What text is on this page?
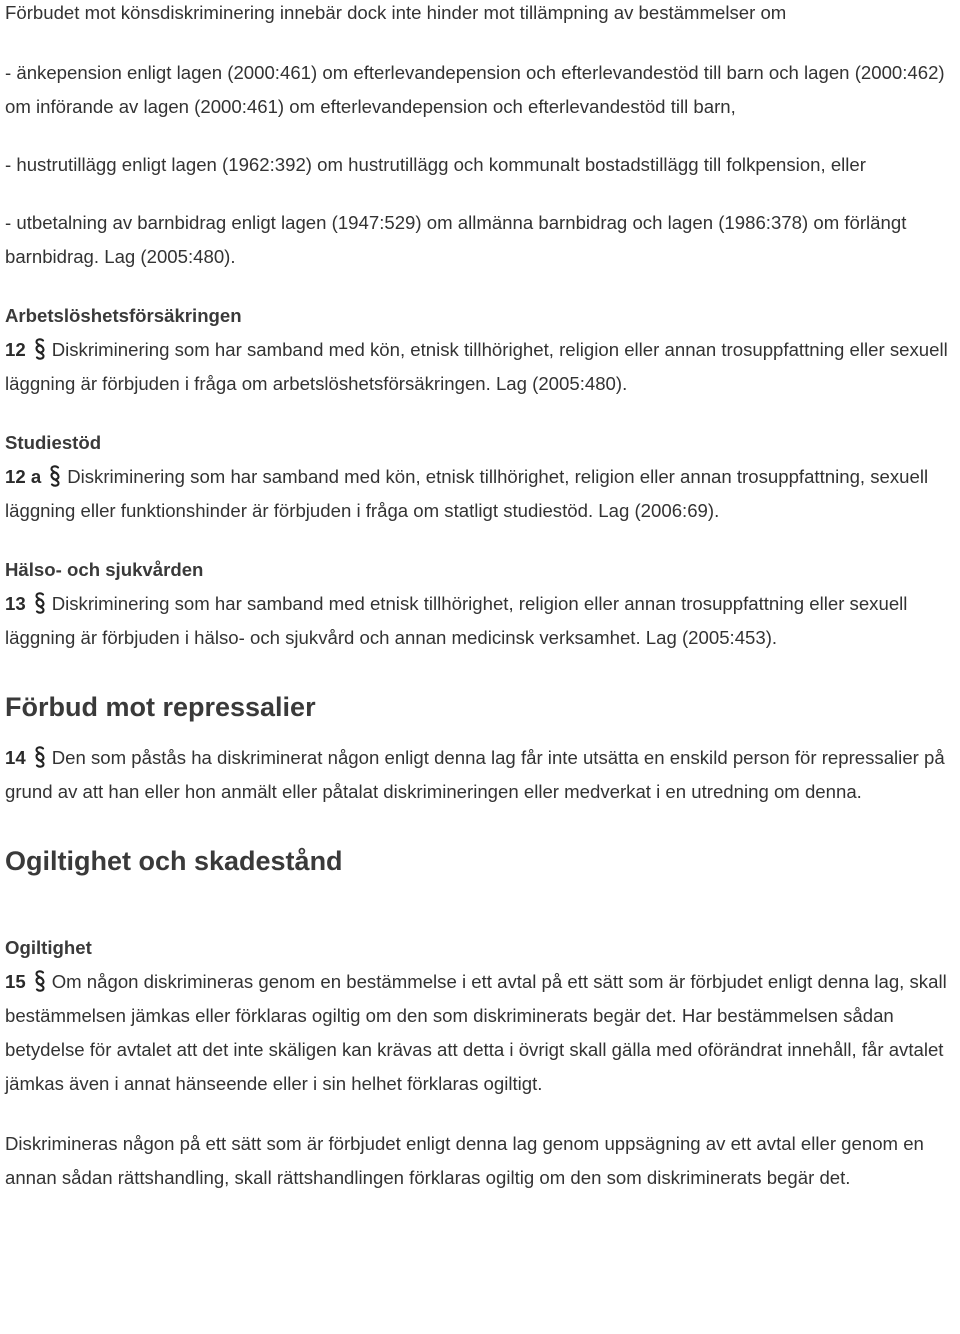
Förbudet mot könsdiskriminering innebär dock inte hinder mot tillämpning av bestämmelser om

- änkepension enligt lagen (2000:461) om efterlevandepension och efterlevandestöd till barn och lagen (2000:462) om införande av lagen (2000:461) om efterlevandepension och efterlevandestöd till barn,

- hustrutillägg enligt lagen (1962:392) om hustrutillägg och kommunalt bostadstillägg till folkpension, eller

- utbetalning av barnbidrag enligt lagen (1947:529) om allmänna barnbidrag och lagen (1986:378) om förlängt barnbidrag. Lag (2005:480).

Arbetslöshetsförsäkringen

12 Diskriminering som har samband med kön, etnisk tillhörighet, religion eller annan trosuppfattning eller sexuell läggning är förbjuden i fråga om arbetslöshetsförsäkringen. Lag (2005:480).

Studiestöd

12 a Diskriminering som har samband med kön, etnisk tillhörighet, religion eller annan trosuppfattning, sexuell läggning eller funktionshinder är förbjuden i fråga om statligt studiestöd. Lag (2006:69).

Hälso- och sjukvården

13 Diskriminering som har samband med etnisk tillhörighet, religion eller annan trosuppfattning eller sexuell läggning är förbjuden i hälso- och sjukvård och annan medicinsk verksamhet. Lag (2005:453).

Förbud mot repressalier

14 Den som påstås ha diskriminerat någon enligt denna lag får inte utsätta en enskild person för repressalier på grund av att han eller hon anmält eller påtalat diskrimineringen eller medverkat i en utredning om denna.

Ogiltighet och skadestånd
Ogiltighet

15 Om någon diskrimineras genom en bestämmelse i ett avtal på ett sätt som är förbjudet enligt denna lag, skall bestämmelsen jämkas eller förklaras ogiltig om den som diskriminerats begär det. Har bestämmelsen sådan betydelse för avtalet att det inte skäligen kan krävas att detta i övrigt skall gälla med oförändrat innehåll, får avtalet jämkas även i annat hänseende eller i sin helhet förklaras ogiltigt.

Diskrimineras någon på ett sätt som är förbjudet enligt denna lag genom uppsägning av ett avtal eller genom en annan sådan rättshandling, skall rättshandlingen förklaras ogiltig om den som diskriminerats begär det.
